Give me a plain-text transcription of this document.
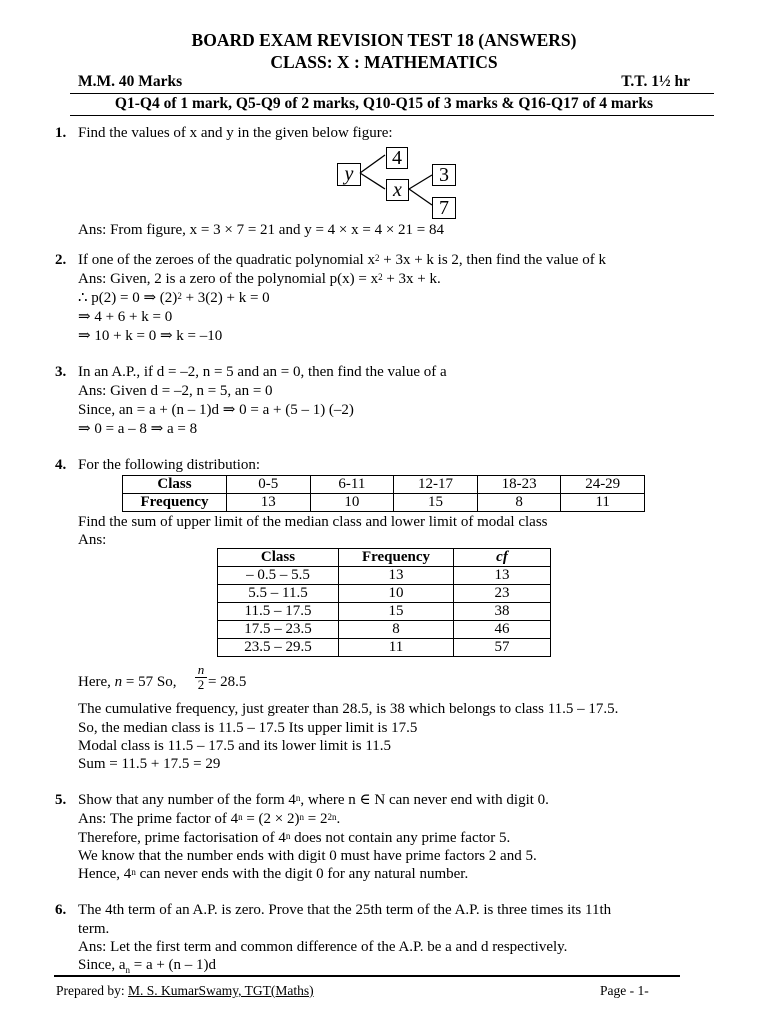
BOARD EXAM REVISION TEST 18 (ANSWERS)
CLASS: X : MATHEMATICS
M.M. 40 Marks	T.T. 1½ hr
Q1-Q4 of 1 mark, Q5-Q9 of 2 marks, Q10-Q15 of 3 marks & Q16-Q17 of 4 marks
1. Find the values of x and y in the given below figure:
y
4
x
3
7
Ans: From figure, x = 3 × 7 = 21 and y = 4 × x = 4 × 21 = 84
2. If one of the zeroes of the quadratic polynomial $x^2 + 3x + k$ is 2, then find the value of k
Ans: Given, 2 is a zero of the polynomial $p(x) = x^2 + 3x + k$.
∴ p(2) = 0 ⇒ $(2)^2 + 3(2) + k = 0$
⇒ 4 + 6 + k = 0
⇒ 10 + k = 0 ⇒ k = –10
3. In an A.P., if d = –2, n = 5 and an = 0, then find the value of a
Ans: Given d = –2, n = 5, an = 0
Since, an = a + (n – 1)d ⇒ 0 = a + (5 – 1) (–2)
⇒ 0 = a – 8 ⇒ a = 8
4. For the following distribution:
Class	0-5	6-11	12-17	18-23	24-29
Frequency	13	10	15	8	11
Find the sum of upper limit of the median class and lower limit of modal class
Ans:
Class	Frequency	cf
– 0.5 – 5.5	13	13
5.5 – 11.5	10	23
11.5 – 17.5	15	38
17.5 – 23.5	8	46
23.5 – 29.5	11	57
Here, n = 57 So,  = 28.5
n
2
The cumulative frequency, just greater than 28.5, is 38 which belongs to class 11.5 – 17.5.
So, the median class is 11.5 – 17.5 Its upper limit is 17.5
Modal class is 11.5 – 17.5 and its lower limit is 11.5
Sum = 11.5 + 17.5 = 29
5. Show that any number of the form 4$^n$, where n ∈ N can never end with digit 0.
Ans: The prime factor of $4^n = (2 \times 2)^n = 2^{2n}$.
Therefore, prime factorisation of 4$^n$ does not contain any prime factor 5.
We know that the number ends with digit 0 must have prime factors 2 and 5.
Hence, 4$^n$ can never ends with the digit 0 for any natural number.
6. The 4th term of an A.P. is zero. Prove that the 25th term of the A.P. is three times its 11th
term.
Ans: Let the first term and common difference of the A.P. be a and d respectively.
Since, $a_n = a + (n - 1)d$
Prepared by: M. S. KumarSwamy, TGT(Maths)	Page - 1-
